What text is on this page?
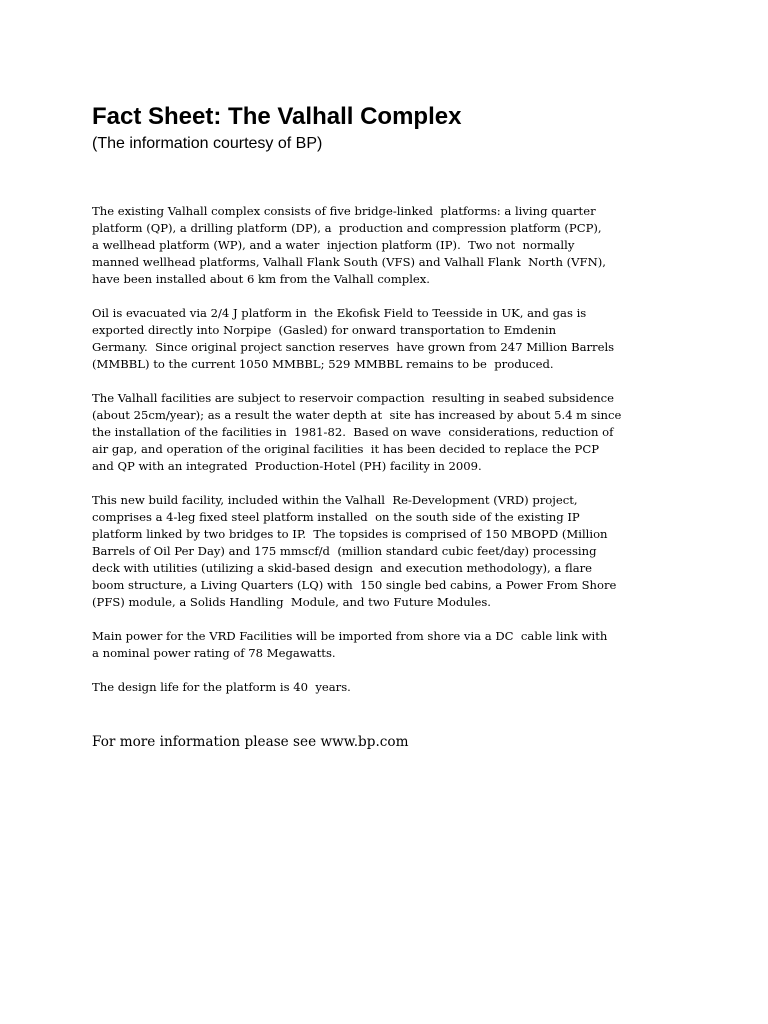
Fact Sheet: The Valhall Complex

(The information courtesy of BP)

The existing Valhall complex consists of five bridge-linked  platforms: a living quarter
platform (QP), a drilling platform (DP), a  production and compression platform (PCP),
a wellhead platform (WP), and a water  injection platform (IP).  Two not  normally
manned wellhead platforms, Valhall Flank South (VFS) and Valhall Flank  North (VFN),
have been installed about 6 km from the Valhall complex.

Oil is evacuated via 2/4 J platform in  the Ekofisk Field to Teesside in UK, and gas is
exported directly into Norpipe  (Gasled) for onward transportation to Emdenin
Germany.  Since original project sanction reserves  have grown from 247 Million Barrels
(MMBBL) to the current 1050 MMBBL; 529 MMBBL remains to be  produced.

The Valhall facilities are subject to reservoir compaction  resulting in seabed subsidence
(about 25cm/year); as a result the water depth at  site has increased by about 5.4 m since
the installation of the facilities in  1981-82.  Based on wave  considerations, reduction of
air gap, and operation of the original facilities  it has been decided to replace the PCP
and QP with an integrated  Production-Hotel (PH) facility in 2009.

This new build facility, included within the Valhall  Re-Development (VRD) project,
comprises a 4-leg fixed steel platform installed  on the south side of the existing IP
platform linked by two bridges to IP.  The topsides is comprised of 150 MBOPD (Million
Barrels of Oil Per Day) and 175 mmscf/d  (million standard cubic feet/day) processing
deck with utilities (utilizing a skid-based design  and execution methodology), a flare
boom structure, a Living Quarters (LQ) with  150 single bed cabins, a Power From Shore
(PFS) module, a Solids Handling  Module, and two Future Modules.

Main power for the VRD Facilities will be imported from shore via a DC  cable link with
a nominal power rating of 78 Megawatts.

The design life for the platform is 40  years.

For more information please see www.bp.com
